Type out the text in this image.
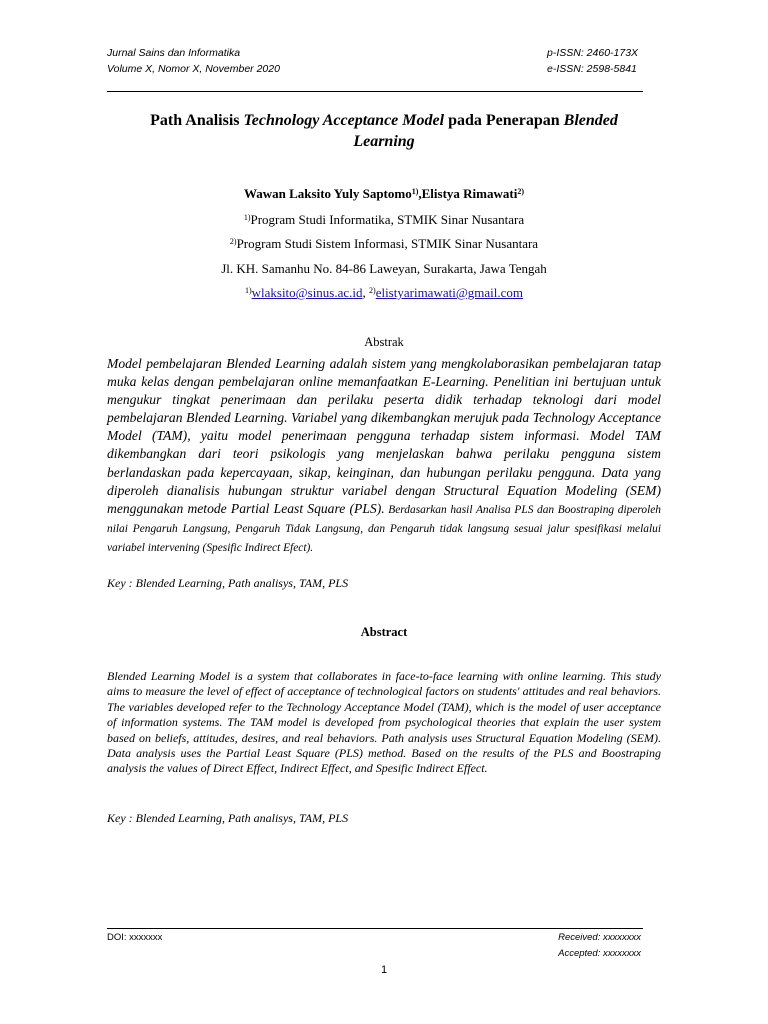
Jurnal Sains dan Informatika
Volume X, Nomor X, November 2020
p-ISSN: 2460-173X
e-ISSN: 2598-5841
Path Analisis Technology Acceptance Model pada Penerapan Blended
Learning
Wawan Laksito Yuly Saptomo$^{1)}$,Elistya Rimawati$^{2)}$
$^{1)}$Program Studi Informatika, STMIK Sinar Nusantara
$^{2)}$Program Studi Sistem Informasi, STMIK Sinar Nusantara
Jl. KH. Samanhu No. 84-86 Laweyan, Surakarta, Jawa Tengah
$^{1)}$wlaksito@sinus.ac.id, $^{2)}$elistyarimawati@gmail.com
Abstrak
Model pembelajaran Blended Learning adalah sistem yang mengkolaborasikan pembelajaran tatap muka kelas dengan pembelajaran online memanfaatkan E-Learning. Penelitian ini bertujuan untuk mengukur tingkat penerimaan dan perilaku peserta didik terhadap teknologi dari model pembelajaran Blended Learning. Variabel yang dikembangkan merujuk pada Technology Acceptance Model (TAM), yaitu model penerimaan pengguna terhadap sistem informasi. Model TAM dikembangkan dari teori psikologis yang menjelaskan bahwa perilaku pengguna sistem berlandaskan pada kepercayaan, sikap, keinginan, dan hubungan perilaku pengguna. Data yang diperoleh dianalisis hubungan struktur variabel dengan Structural Equation Modeling (SEM) menggunakan metode Partial Least Square (PLS). Berdasarkan hasil Analisa PLS dan Boostraping diperoleh nilai Pengaruh Langsung, Pengaruh Tidak Langsung, dan Pengaruh tidak langsung sesuai jalur spesifikasi melalui variabel intervening (Spesific Indirect Efect).
Key : Blended Learning, Path analisys, TAM, PLS
Abstract
Blended Learning Model is a system that collaborates in face-to-face learning with online learning. This study aims to measure the level of effect of acceptance of technological factors on students' attitudes and real behaviors. The variables developed refer to the Technology Acceptance Model (TAM), which is the model of user acceptance of information systems. The TAM model is developed from psychological theories that explain the user system based on beliefs, attitudes, desires, and real behaviors. Path analysis uses Structural Equation Modeling (SEM). Data analysis uses the Partial Least Square (PLS) method. Based on the results of the PLS and Boostraping analysis the values of Direct Effect, Indirect Effect, and Spesific Indirect Effect.
Key : Blended Learning, Path analisys, TAM, PLS
DOI: xxxxxxx	Received: xxxxxxxx
Accepted: xxxxxxxx
1
